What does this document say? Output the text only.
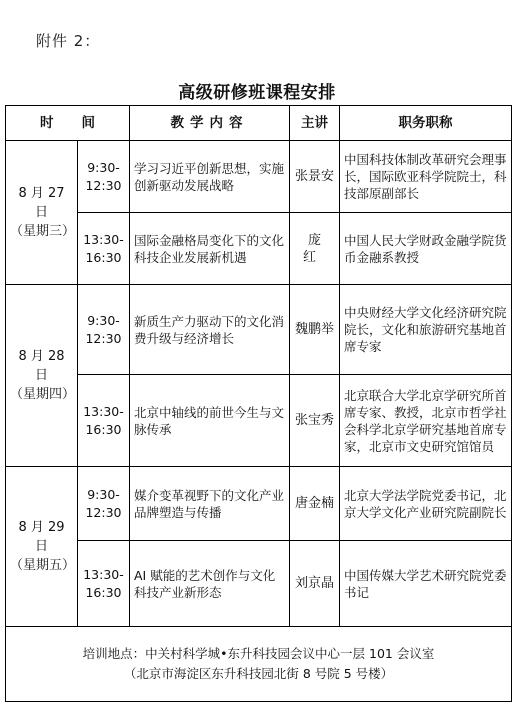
附件 2：
高级研修班课程安排
时间		教学内容	主讲	职务职称

8 月 27 日
（星期三）	9:30-
12:30	学习习近平创新思想，实施创新驱动发展战略	张景安	中国科技体制改革研究会理事长，国际欧亚科学院院士，科技部原副部长

	13:30-
16:30	国际金融格局变化下的文化科技企业发展新机遇	庞 红	中国人民大学财政金融学院货币金融系教授

8 月 28 日
（星期四）	9:30-
12:30	新质生产力驱动下的文化消费升级与经济增长	魏鹏举	中央财经大学文化经济研究院院长，文化和旅游研究基地首席专家

	13:30-
16:30	北京中轴线的前世今生与文脉传承	张宝秀	北京联合大学北京学研究所首席专家、教授，北京市哲学社会科学北京学研究基地首席专家，北京市文史研究馆馆员

8 月 29 日
（星期五）	9:30-
12:30	媒介变革视野下的文化产业品牌塑造与传播	唐金楠	北京大学法学院党委书记，北京大学文化产业研究院副院长

	13:30-
16:30	AI 赋能的艺术创作与文化科技产业新形态	刘京晶	中国传媒大学艺术研究院党委书记

培训地点：中关村科学城•东升科技园会议中心一层 101 会议室
（北京市海淀区东升科技园北街 8 号院 5 号楼）				
